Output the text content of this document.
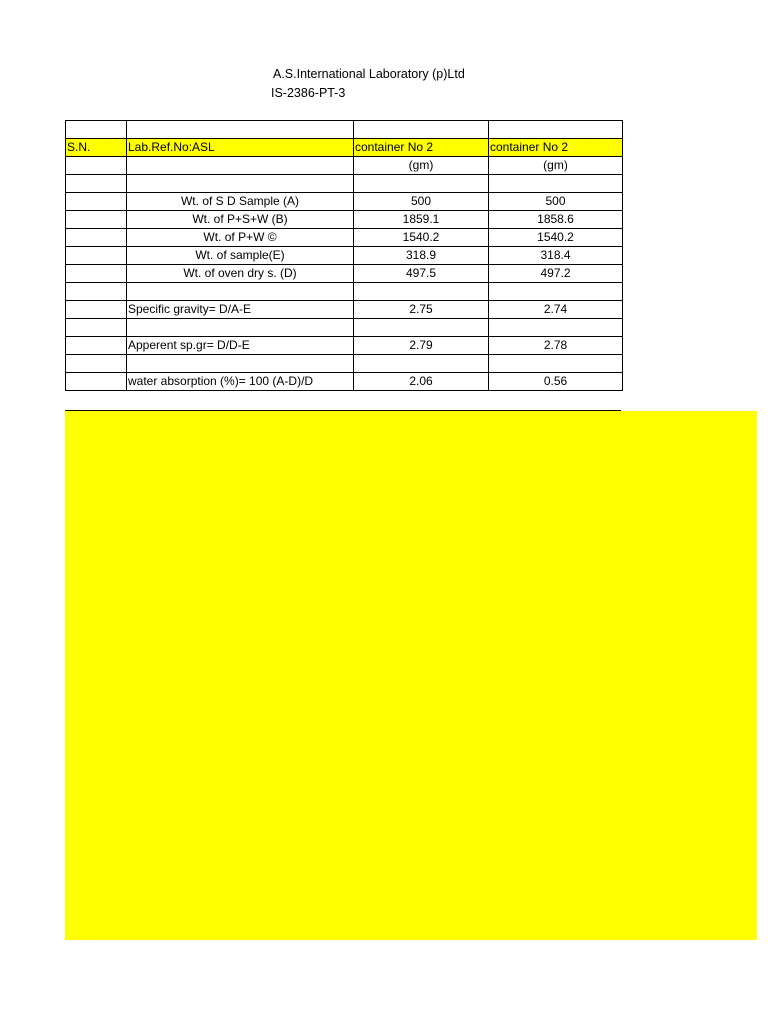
A.S.International Laboratory (p)Ltd
IS-2386-PT-3

S.N.	Lab.Ref.No:ASL	container No 2	container No 2
		(gm)	(gm)

	Wt. of S D Sample (A)	500	500
	Wt. of P+S+W (B)	1859.1	1858.6
	Wt. of P+W ©	1540.2	1540.2
	Wt. of sample(E)	318.9	318.4
	Wt. of oven dry s. (D)	497.5	497.2

	Specific gravity= D/A-E	2.75	2.74

	Apperent sp.gr= D/D-E	2.79	2.78

	water absorption (%)= 100 (A-D)/D	2.06	0.56
